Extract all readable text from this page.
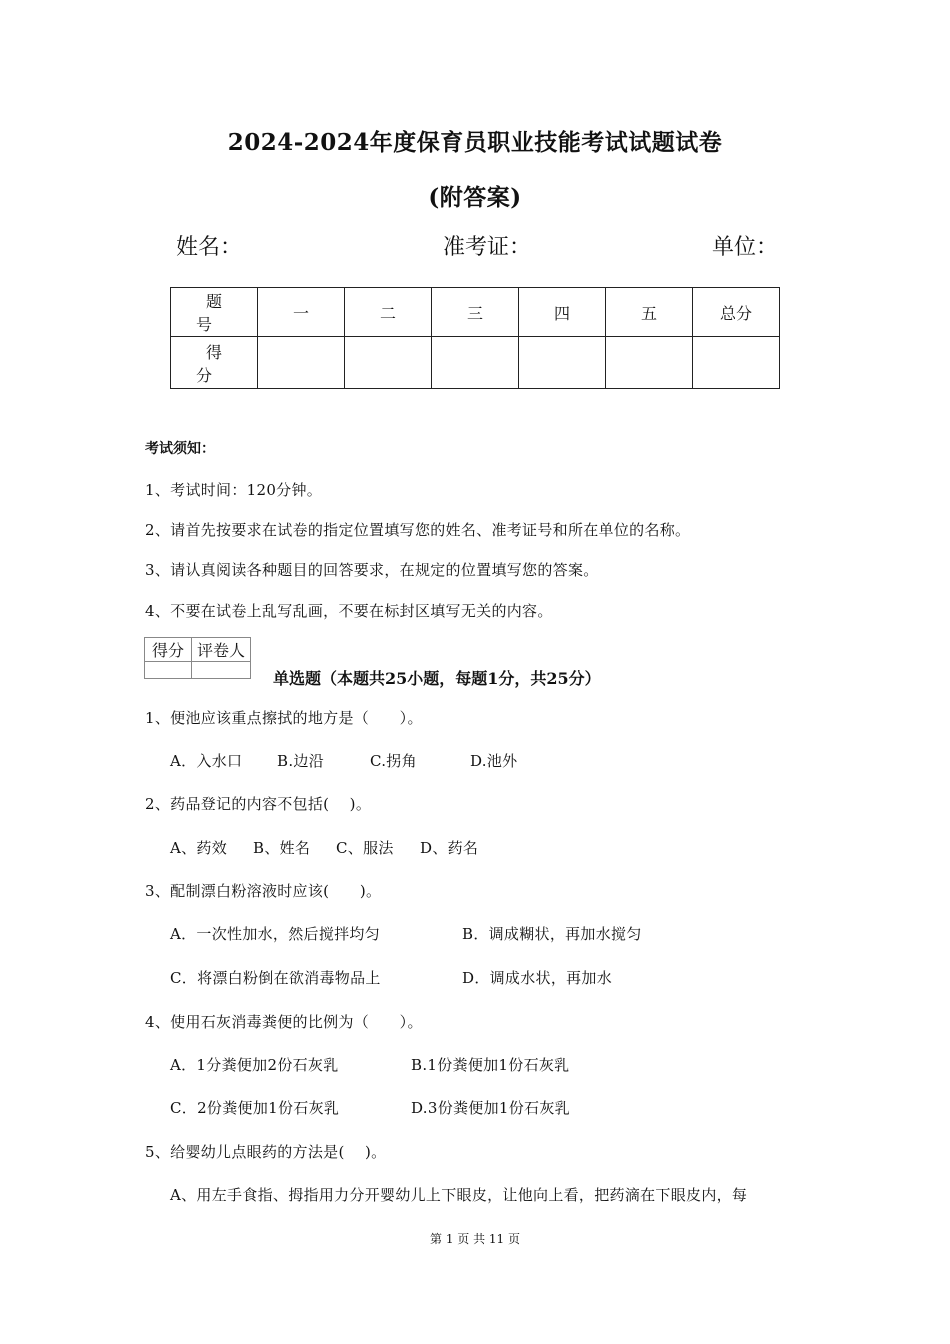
2024-2024年度保育员职业技能考试试题试卷
(附答案)
姓名：	准考证：	单位：
题 号	一	二	三	四	五	总分
得 分						
考试须知：
1、考试时间：120分钟。
2、请首先按要求在试卷的指定位置填写您的姓名、准考证号和所在单位的名称。
3、请认真阅读各种题目的回答要求，在规定的位置填写您的答案。
4、不要在试卷上乱写乱画，不要在标封区填写无关的内容。
得分	评卷人

单选题（本题共25小题，每题1分，共25分）
1、便池应该重点擦拭的地方是（　　）。
A．入水口 B.边沿	C.拐角	D.池外
2、药品登记的内容不包括(　 )。
A、药效 B、姓名 C、服法 D、药名
3、配制漂白粉溶液时应该(　　)。
A．一次性加水，然后搅拌均匀	B．调成糊状，再加水搅匀
C．将漂白粉倒在欲消毒物品上	D．调成水状，再加水
4、使用石灰消毒粪便的比例为（　　）。
A．1分粪便加2份石灰乳	B.1份粪便加1份石灰乳
C．2份粪便加1份石灰乳	D.3份粪便加1份石灰乳
5、给婴幼儿点眼药的方法是(　 )。
A、用左手食指、拇指用力分开婴幼儿上下眼皮，让他向上看，把药滴在下眼皮内，每
第 1 页 共 11 页
